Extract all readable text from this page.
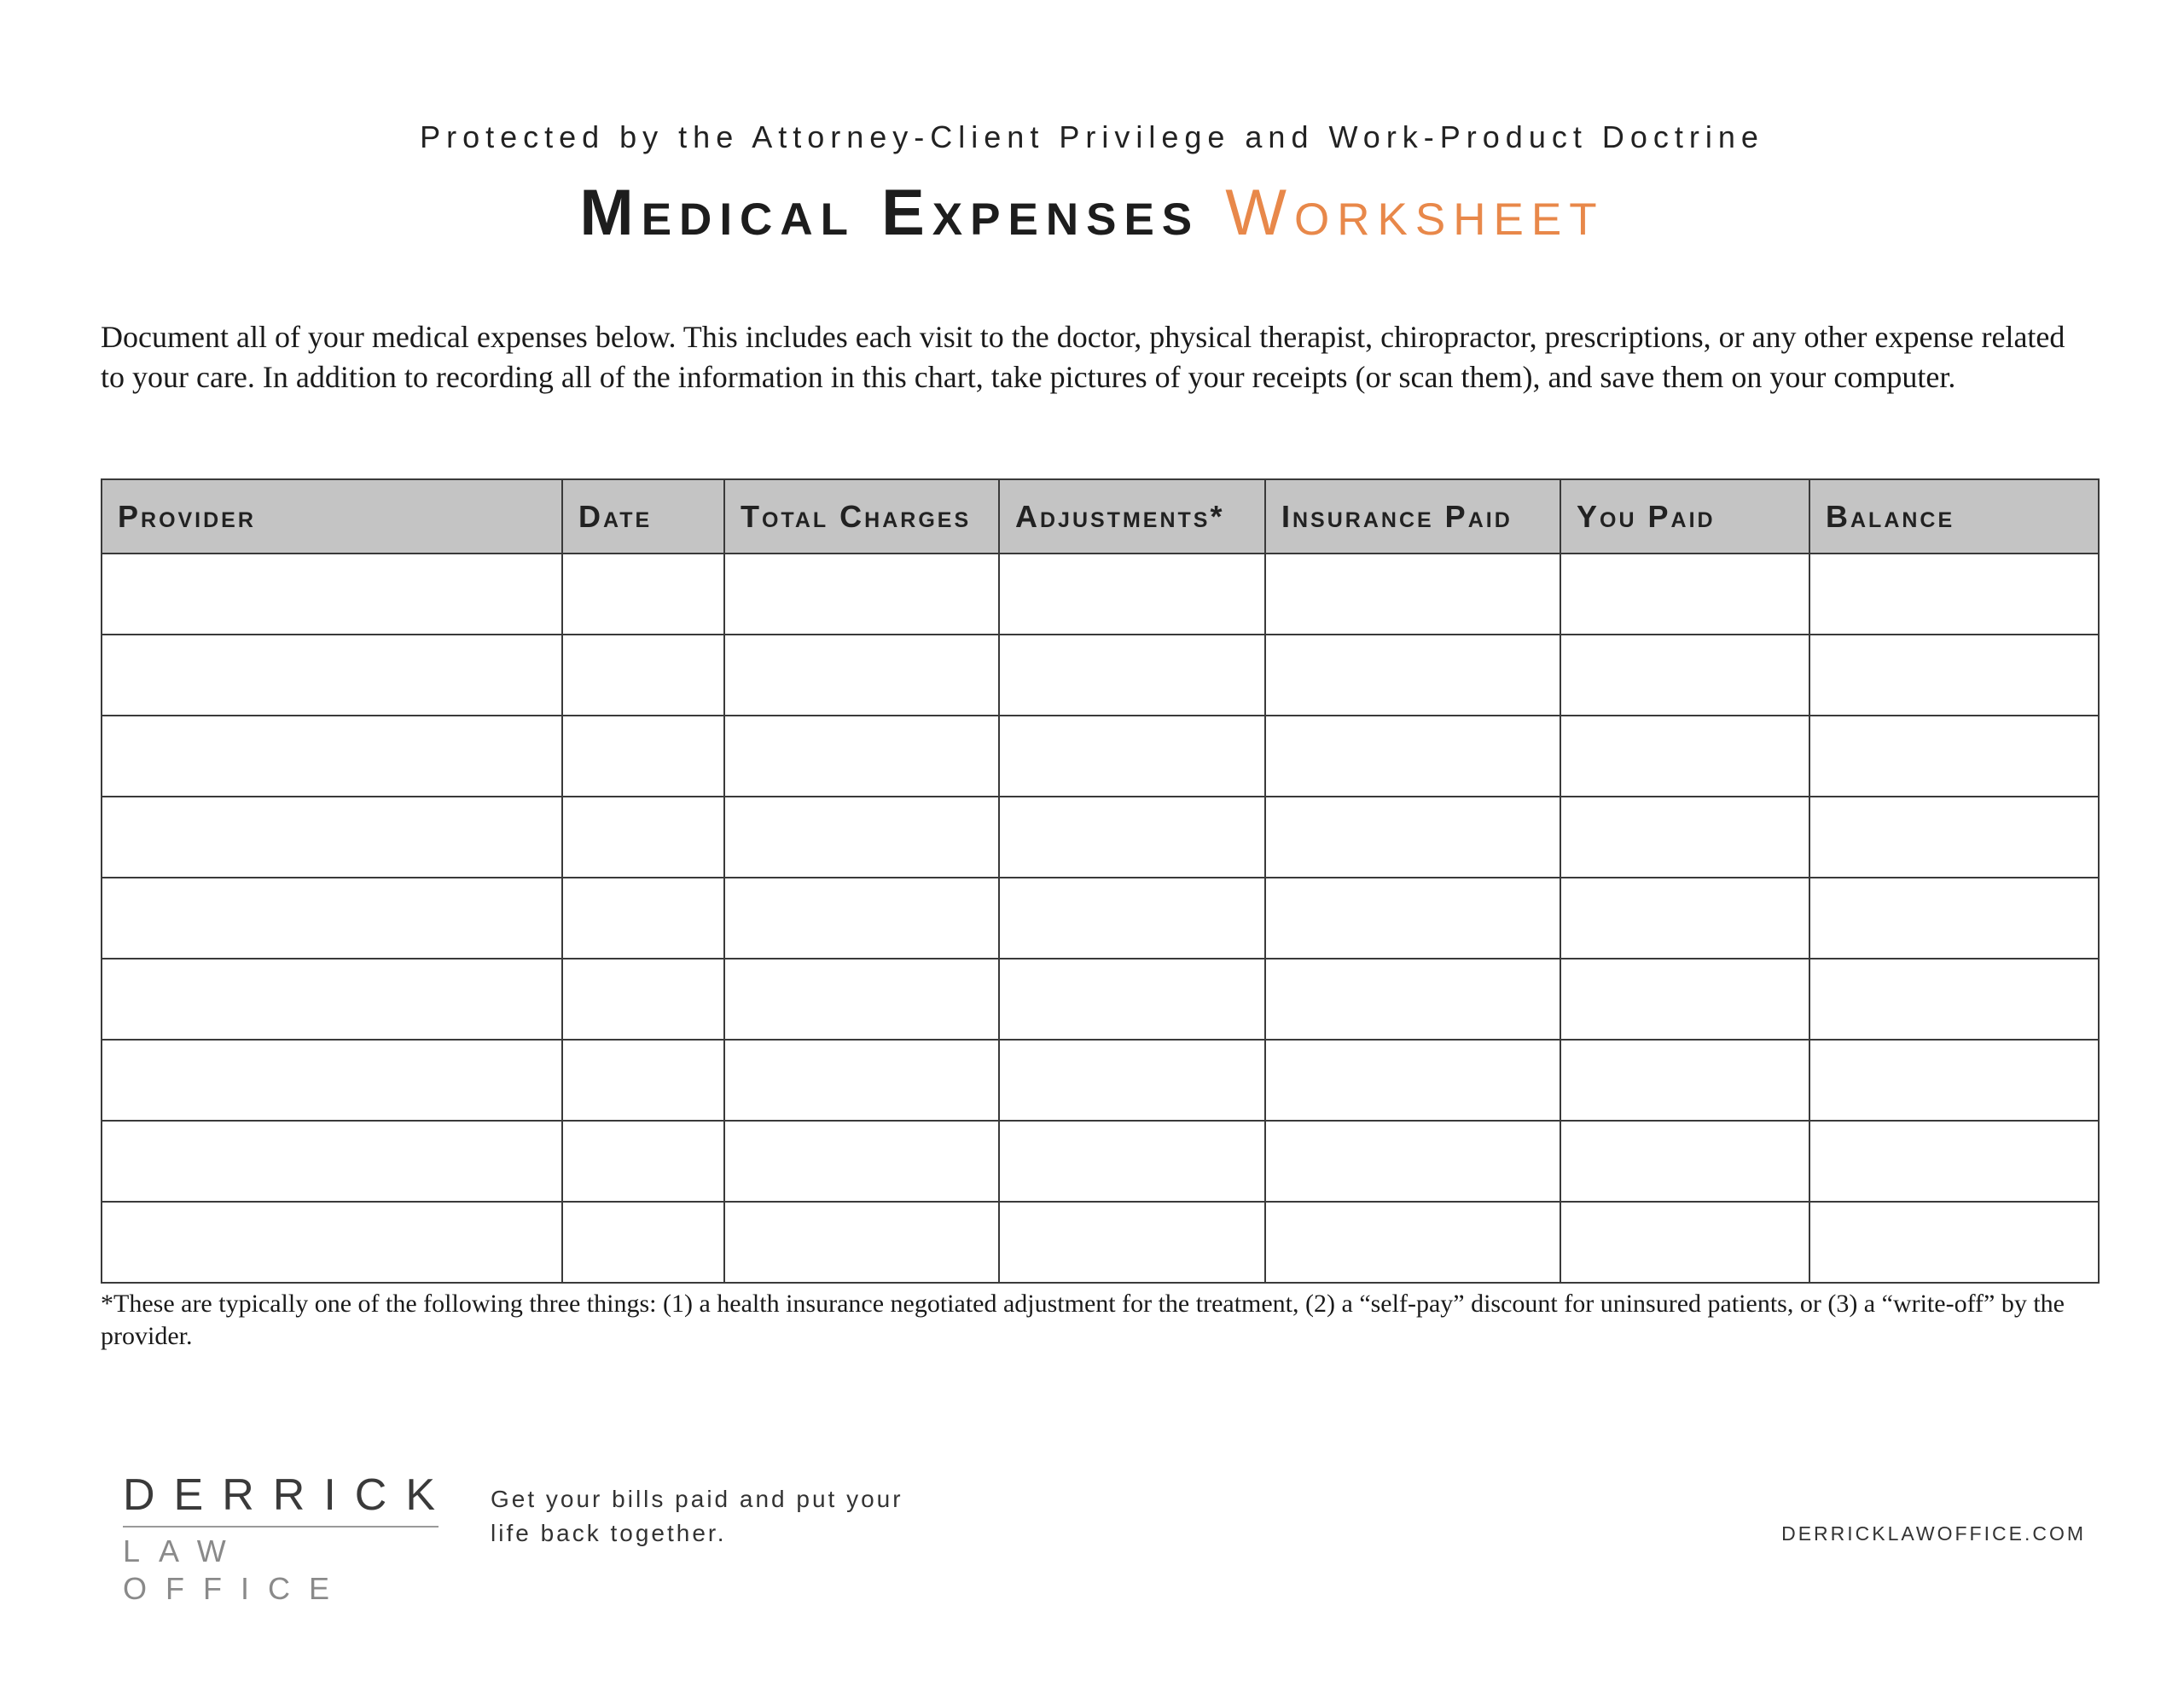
Protected by the Attorney-Client Privilege and Work-Product Doctrine
Medical Expenses Worksheet
Document all of your medical expenses below. This includes each visit to the doctor, physical therapist, chiropractor, prescriptions, or any other expense related to your care. In addition to recording all of the information in this chart, take pictures of your receipts (or scan them), and save them on your computer.
Provider	Date	Total Charges	Adjustments*	Insurance Paid	You Paid	Balance

*These are typically one of the following three things: (1) a health insurance negotiated adjustment for the treatment, (2) a “self-pay” discount for uninsured patients, or (3) a “write-off” by the provider.
DERRICK
LAW OFFICE
Get your bills paid and put your
life back together.	DERRICKLAWOFFICE.COM
